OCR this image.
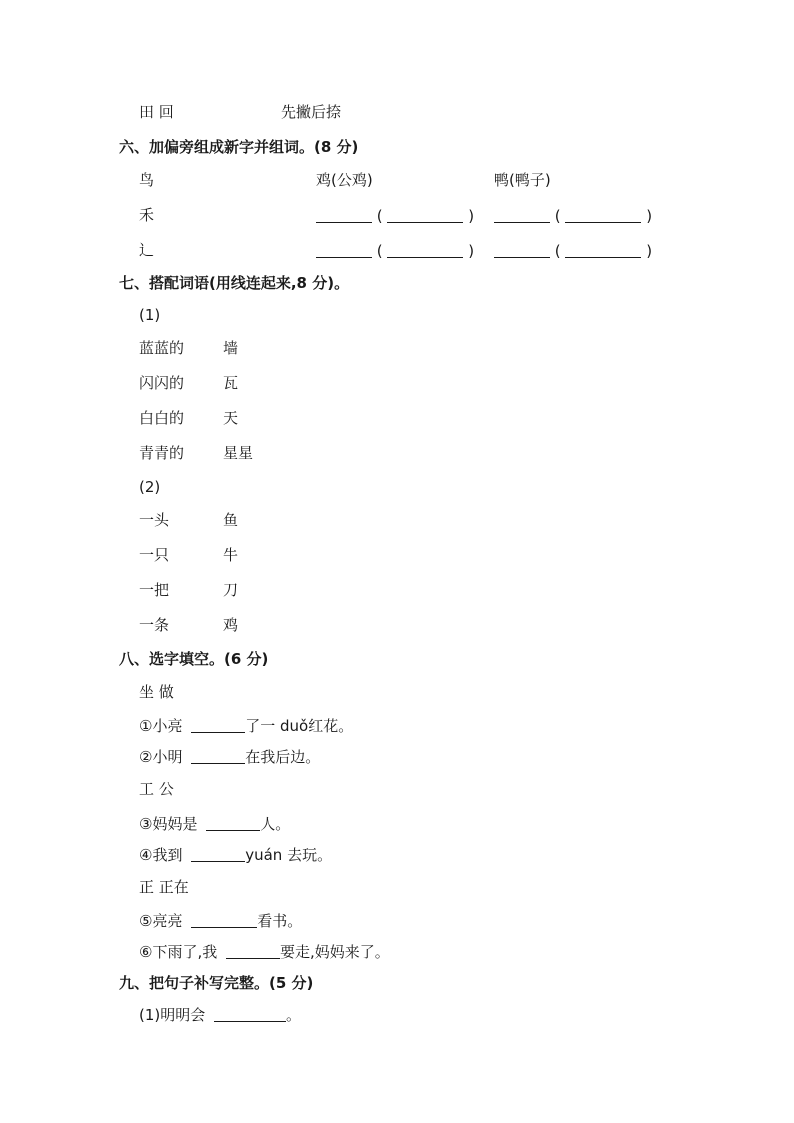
田 回	先撇后捺
六、加偏旁组成新字并组词。(8 分)
鸟	鸡(公鸡)	鸭(鸭子)
禾	(	)	(	)
辶	(	)	(	)
七、搭配词语(用线连起来,8 分)。
(1)
蓝蓝的	墙
闪闪的	瓦
白白的	天
青青的	星星
(2)
一头	鱼
一只	牛
一把	刀
一条	鸡
八、选字填空。(6 分)
坐 做
①小亮	了一 duǒ红花。
②小明	在我后边。
工 公
③妈妈是	人。
④我到	yuán 去玩。
正 正在
⑤亮亮	看书。
⑥下雨了,我	要走,妈妈来了。
九、把句子补写完整。(5 分)
(1)明明会	。
